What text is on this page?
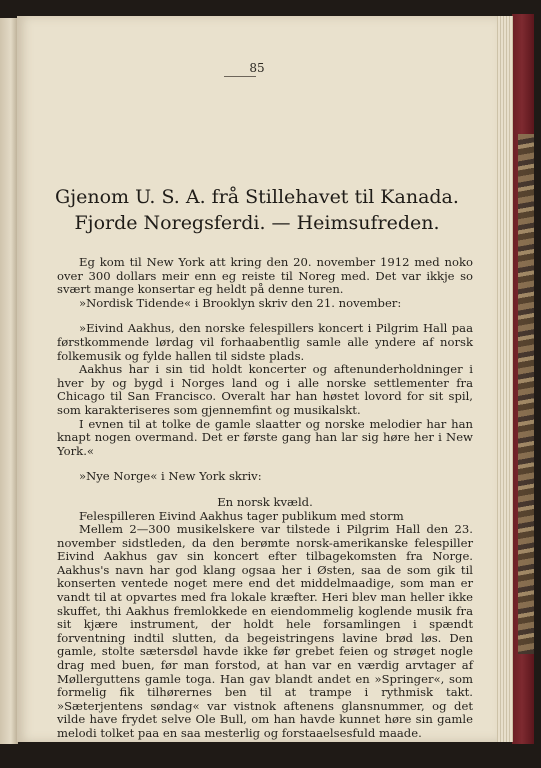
85
Gjenom U. S. A. frå Stillehavet til Kanada.
Fjorde Noregsferdi. — Heimsufreden.

Eg kom til New York att kring den 20. november 1912 med noko over 300 dollars meir enn eg reiste til Noreg med. Det var ikkje so svært mange konsertar eg heldt på denne turen.

»Nordisk Tidende« i Brooklyn skriv den 21. november:

»Eivind Aakhus, den norske felespillers koncert i Pilgrim Hall paa førstkommende lørdag vil forhaabentlig samle alle yndere af norsk folkemusik og fylde hallen til sidste plads.

Aakhus har i sin tid holdt koncerter og aftenunderholdninger i hver by og bygd i Norges land og i alle norske settlementer fra Chicago til San Francisco. Overalt har han høstet lovord for sit spil, som karakteriseres som gjennemfint og musikalskt.

I evnen til at tolke de gamle slaatter og norske melodier har han knapt nogen overmand. Det er første gang han lar sig høre her i New York.«

»Nye Norge« i New York skriv:

En norsk kvæld.

Felespilleren Eivind Aakhus tager publikum med storm

Mellem 2—300 musikelskere var tilstede i Pilgrim Hall den 23. november sidstleden, da den berømte norsk-amerikanske felespiller Eivind Aakhus gav sin koncert efter tilbagekomsten fra Norge. Aakhus's navn har god klang ogsaa her i Østen, saa de som gik til konserten ventede noget mere end det middelmaadige, som man er vandt til at opvartes med fra lokale kræfter. Heri blev man heller ikke skuffet, thi Aakhus fremlokkede en eiendommelig koglende musik fra sit kjære instrument, der holdt hele forsamlingen i spændt forventning indtil slutten, da begeistringens lavine brød løs. Den gamle, stolte sætersdøl havde ikke før grebet feien og strøget nogle drag med buen, før man forstod, at han var en værdig arvtager af Møllerguttens gamle toga. Han gav blandt andet en »Springer«, som formelig fik tilhørernes ben til at trampe i rythmisk takt. »Sæterjentens søndag« var vistnok aftenens glansnummer, og det vilde have frydet selve Ole Bull, om han havde kunnet høre sin gamle melodi tolket paa en saa mesterlig og forstaaelsesfuld maade.
